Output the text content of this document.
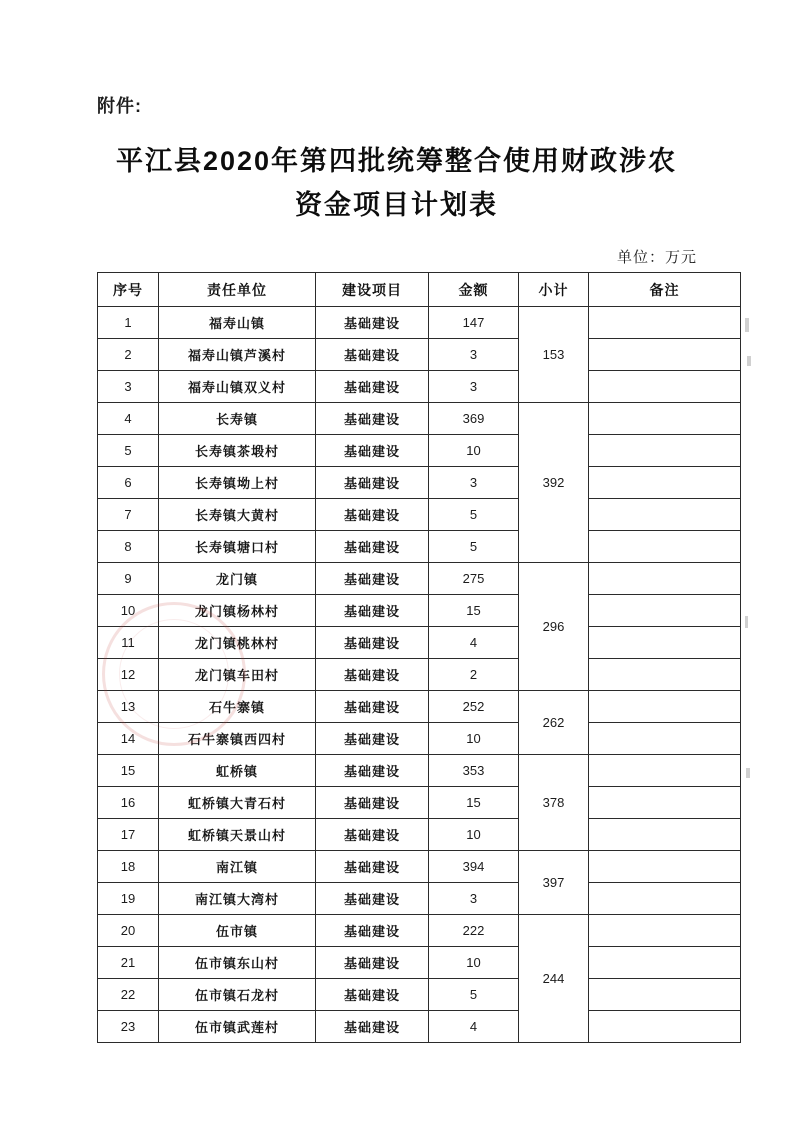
附件:
平江县2020年第四批统筹整合使用财政涉农
资金项目计划表
单位：万元
序号	责任单位	建设项目	金额	小计	备注
1	福寿山镇	基础建设	147	153	
2	福寿山镇芦溪村	基础建设	3		
3	福寿山镇双义村	基础建设	3		
4	长寿镇	基础建设	369	392	
5	长寿镇茶塅村	基础建设	10		
6	长寿镇坳上村	基础建设	3		
7	长寿镇大黄村	基础建设	5		
8	长寿镇塘口村	基础建设	5		
9	龙门镇	基础建设	275	296	
10	龙门镇杨林村	基础建设	15		
11	龙门镇桃林村	基础建设	4		
12	龙门镇车田村	基础建设	2		
13	石牛寨镇	基础建设	252	262	
14	石牛寨镇西四村	基础建设	10		
15	虹桥镇	基础建设	353	378	
16	虹桥镇大青石村	基础建设	15		
17	虹桥镇天景山村	基础建设	10		
18	南江镇	基础建设	394	397	
19	南江镇大湾村	基础建设	3		
20	伍市镇	基础建设	222	244	
21	伍市镇东山村	基础建设	10		
22	伍市镇石龙村	基础建设	5		
23	伍市镇武莲村	基础建设	4		
